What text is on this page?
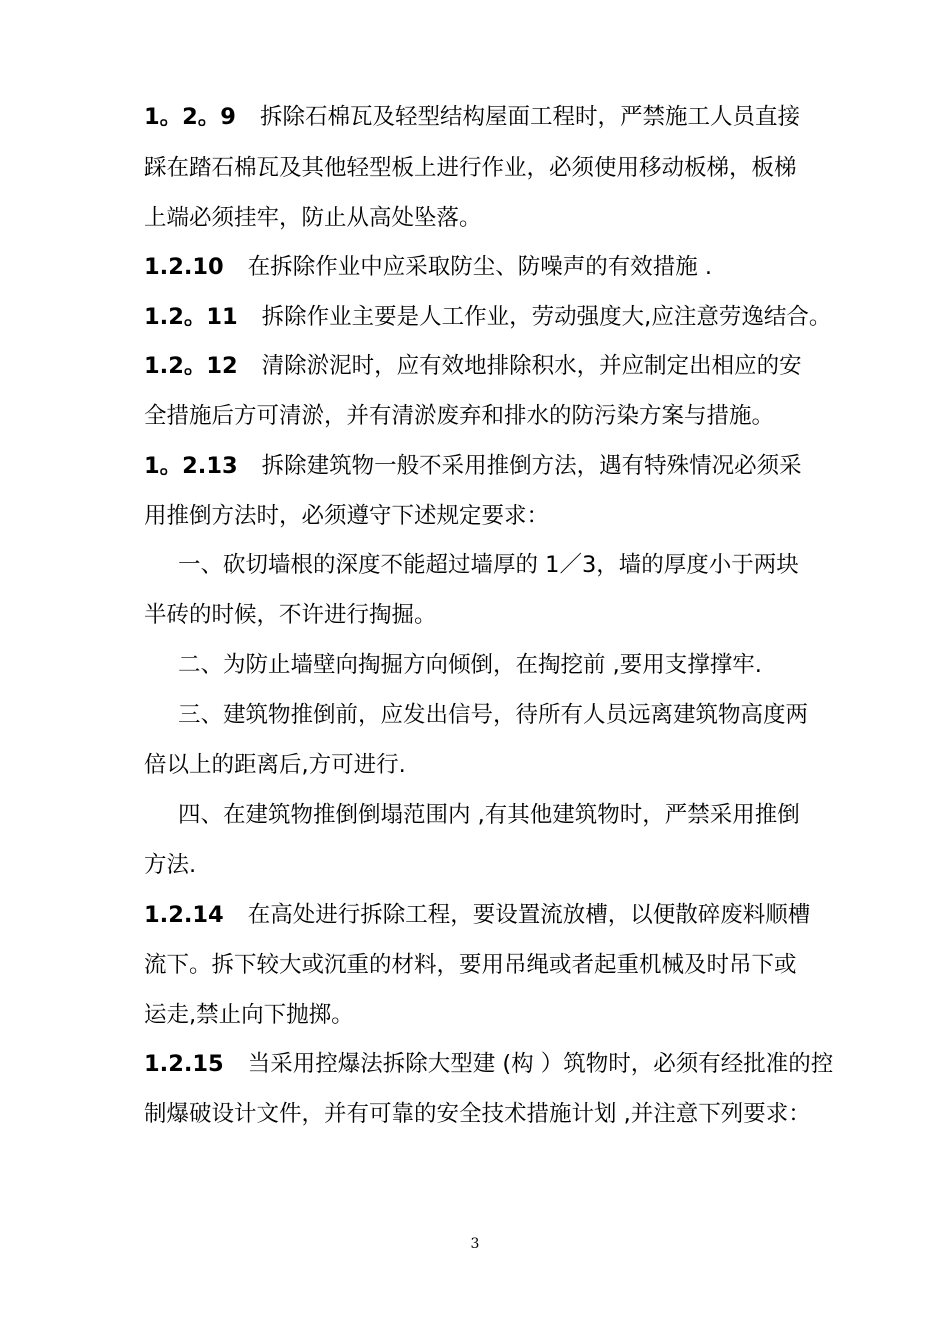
1。2。9 拆除石棉瓦及轻型结构屋面工程时，严禁施工人员直接
踩在踏石棉瓦及其他轻型板上进行作业，必须使用移动板梯，板梯
上端必须挂牢，防止从高处坠落。
1.2.10 在拆除作业中应采取防尘、防噪声的有效措施 .
1.2。11 拆除作业主要是人工作业，劳动强度大,应注意劳逸结合。
1.2。12 清除淤泥时，应有效地排除积水，并应制定出相应的安
全措施后方可清淤，并有清淤废弃和排水的防污染方案与措施。
1。2.13 拆除建筑物一般不采用推倒方法，遇有特殊情况必须采
用推倒方法时，必须遵守下述规定要求：
一、砍切墙根的深度不能超过墙厚的 1／3，墙的厚度小于两块
半砖的时候，不许进行掏掘。
二、为防止墙壁向掏掘方向倾倒，在掏挖前 ,要用支撑撑牢.
三、建筑物推倒前，应发出信号，待所有人员远离建筑物高度两
倍以上的距离后,方可进行.
四、在建筑物推倒倒塌范围内 ,有其他建筑物时，严禁采用推倒
方法.
1.2.14 在高处进行拆除工程，要设置流放槽，以便散碎废料顺槽
流下。拆下较大或沉重的材料，要用吊绳或者起重机械及时吊下或
运走,禁止向下抛掷。
1.2.15 当采用控爆法拆除大型建 (构 ）筑物时，必须有经批准的控
制爆破设计文件，并有可靠的安全技术措施计划 ,并注意下列要求：
3
